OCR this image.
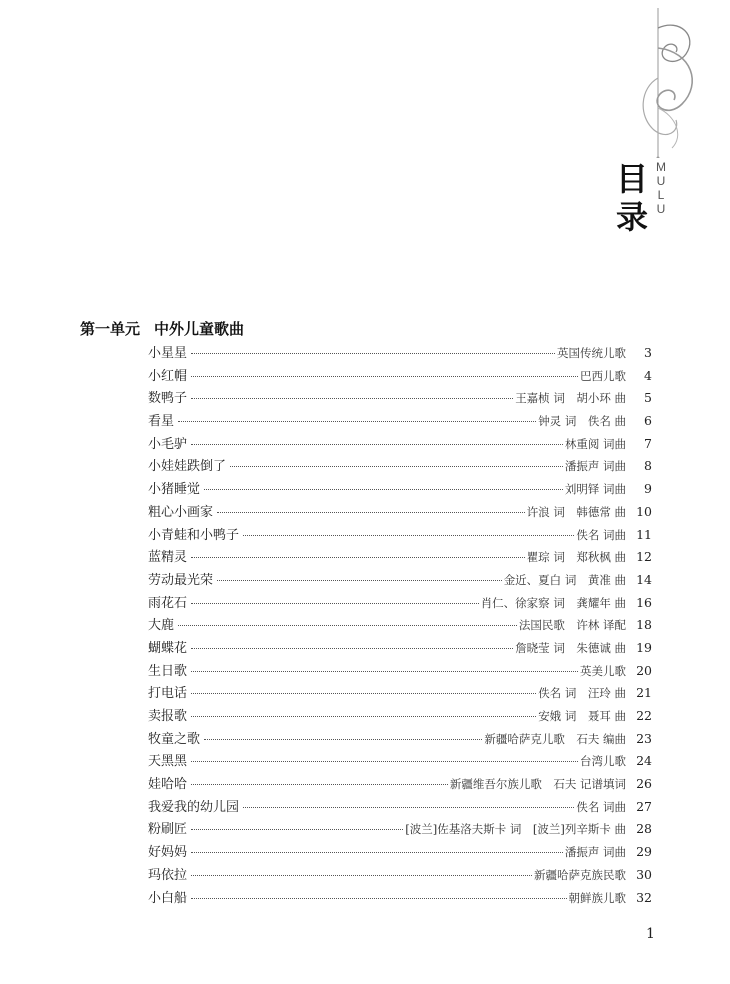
目
录
M
U
L
U
第一单元 中外儿童歌曲
小星星	英国传统儿歌	3
小红帽	巴西儿歌	4
数鸭子	王嘉桢 词　胡小环 曲	5
看星	钟灵 词　佚名 曲	6
小毛驴	林重阅 词曲	7
小娃娃跌倒了	潘振声 词曲	8
小猪睡觉	刘明铎 词曲	9
粗心小画家	许浪 词　韩德常 曲 10
小青蛙和小鸭子	佚名 词曲 11
蓝精灵	瞿琮 词　郑秋枫 曲 12
劳动最光荣	金近、夏白 词　黄准 曲 14
雨花石	肖仁、徐家察 词　龚耀年 曲 16
大鹿	法国民歌　许林 译配 18
蝴蝶花	詹晓莹 词　朱德诚 曲 19
生日歌	英美儿歌 20
打电话	佚名 词　汪玲 曲 21
卖报歌	安娥 词　聂耳 曲 22
牧童之歌	新疆哈萨克儿歌　石夫 编曲 23
天黑黑	台湾儿歌 24
娃哈哈	新疆维吾尔族儿歌　石夫 记谱填词 26
我爱我的幼儿园	佚名 词曲 27
粉刷匠	[波兰]佐基洛夫斯卡 词　[波兰]列辛斯卡 曲 28
好妈妈	潘振声 词曲 29
玛依拉	新疆哈萨克族民歌 30
小白船	朝鲜族儿歌 32
1
